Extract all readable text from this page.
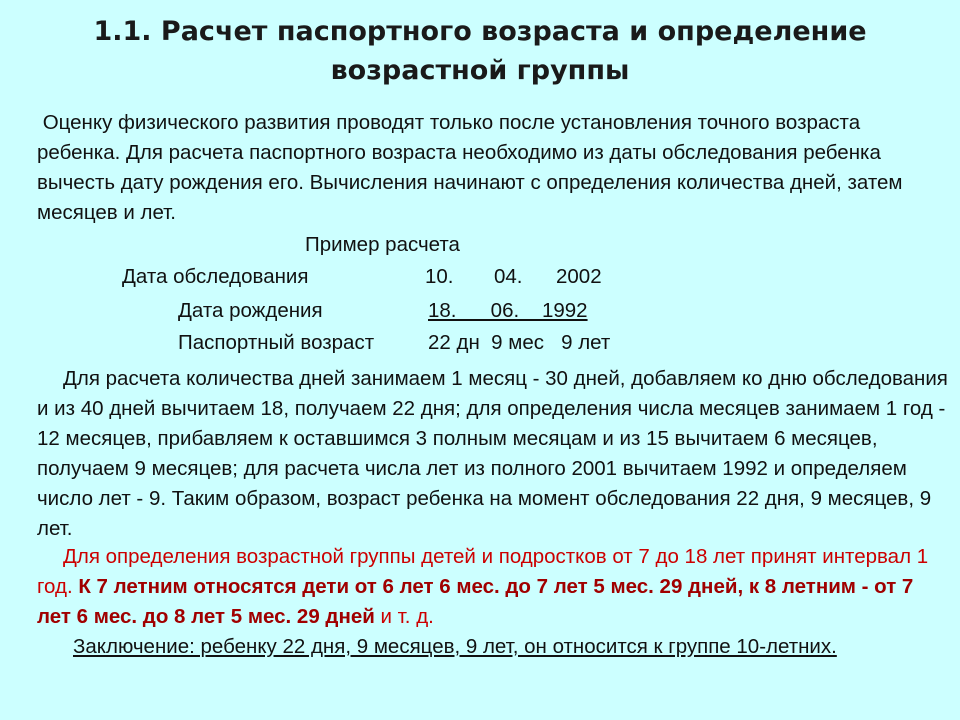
1.1. Расчет паспортного возраста и определение
возрастной группы
Оценку физического развития проводят только после установления точного возраста ребенка. Для расчета паспортного возраста необходимо из даты обследования ребенка вычесть дату рождения его. Вычисления начинают с определения количества дней, затем месяцев и лет.
Пример расчета
Дата обследования	10. 04. 2002
Дата рождения	18.      06.    1992
Паспортный возраст	22 дн  9 мес   9 лет
Для расчета количества дней занимаем 1 месяц - 30 дней, добавляем ко дню обследования и из 40 дней вычитаем 18, получаем 22 дня; для определения числа месяцев занимаем 1 год - 12 месяцев, прибавляем к оставшимся 3 полным месяцам и из 15 вычитаем 6 месяцев, получаем 9 месяцев; для расчета числа лет из полного 2001 вычитаем 1992 и определяем число лет - 9. Таким образом, возраст ребенка на момент обследования 22 дня, 9 месяцев, 9 лет.
Для определения возрастной группы детей и подростков от 7 до 18 лет принят интервал 1 год. К 7 летним относятся дети от 6 лет 6 мес. до 7 лет 5 мес. 29 дней, к 8 летним - от 7 лет 6 мес. до 8 лет 5 мес. 29 дней и т. д.
Заключение: ребенку 22 дня, 9 месяцев, 9 лет, он относится к группе 10-летних.
